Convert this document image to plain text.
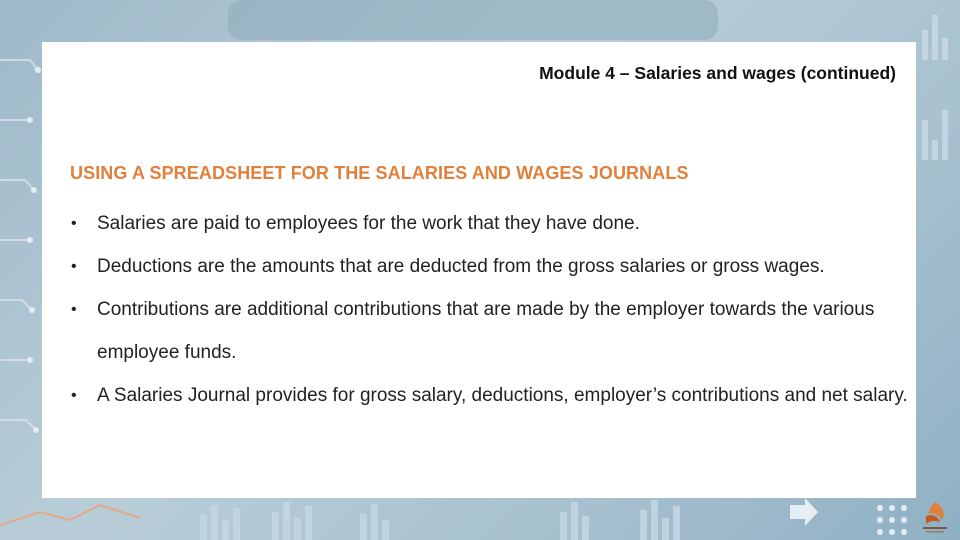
Module 4 – Salaries and wages (continued)
USING A SPREADSHEET FOR THE SALARIES AND WAGES JOURNALS
• Salaries are paid to employees for the work that they have done.
• Deductions are the amounts that are deducted from the gross salaries or gross wages.
• Contributions are additional contributions that are made by the employer towards the various employee funds.
• A Salaries Journal provides for gross salary, deductions, employer’s contributions and net salary.
